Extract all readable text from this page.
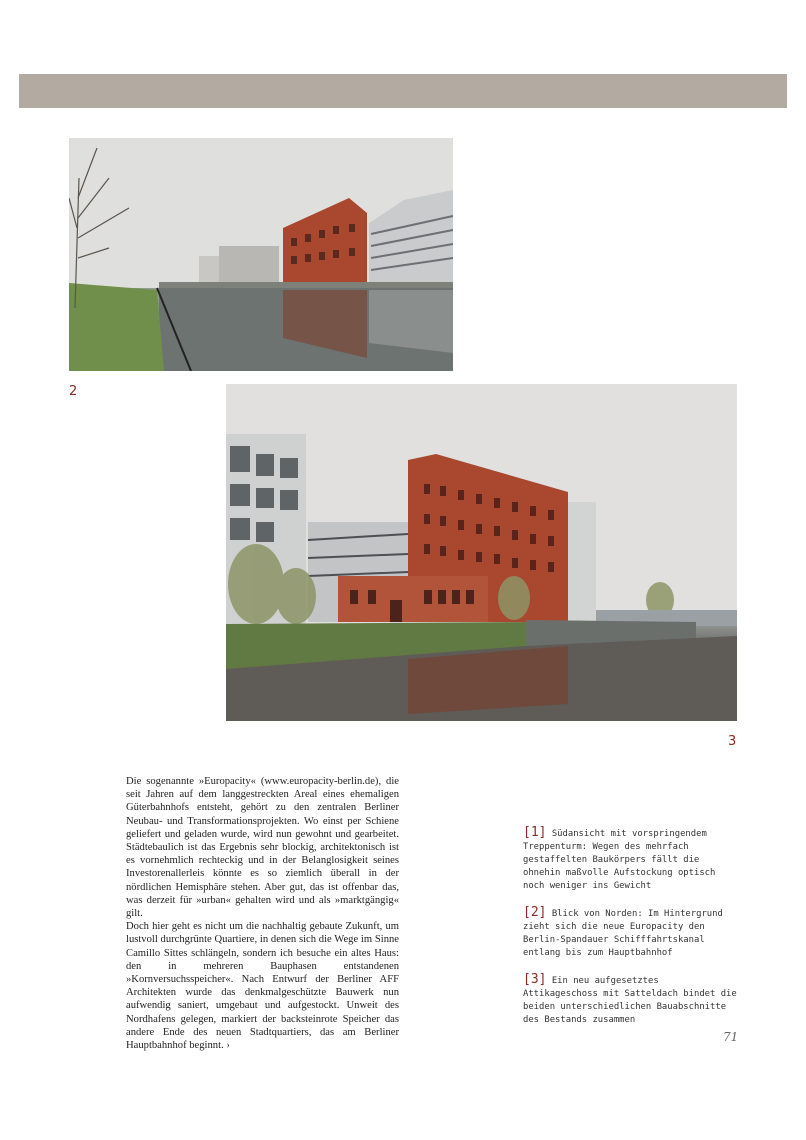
2
3

Die sogenannte »Europacity« (www.europacity-berlin.de), die seit Jahren auf dem langgestreckten Areal eines ehemaligen Güterbahnhofs entsteht, gehört zu den zentralen Berliner Neubau- und Transformationsprojekten. Wo einst per Schiene geliefert und geladen wurde, wird nun gewohnt und gearbeitet. Städtebaulich ist das Ergebnis sehr blockig, architektonisch ist es vornehmlich rechteckig und in der Belanglosigkeit seines Investorenallerleis könnte es so ziemlich überall in der nördlichen Hemisphäre stehen. Aber gut, das ist offenbar das, was derzeit für »urban« gehalten wird und als »marktgängig« gilt.

Doch hier geht es nicht um die nachhaltig gebaute Zukunft, um lustvoll durchgrünte Quartiere, in denen sich die Wege im Sinne Camillo Sittes schlängeln, sondern ich besuche ein altes Haus: den in mehreren Bauphasen entstandenen »Kornversuchsspeicher«. Nach Entwurf der Berliner AFF Architekten wurde das denkmalgeschützte Bauwerk nun aufwendig saniert, umgebaut und aufgestockt. Unweit des Nordhafens gelegen, markiert der backsteinrote Speicher das andere Ende des neuen Stadtquartiers, das am Berliner Hauptbahnhof beginnt. ›

[1] Südansicht mit vorspringendem Treppenturm: Wegen des mehrfach gestaffelten Baukörpers fällt die ohnehin maßvolle Aufstockung optisch noch weniger ins Gewicht
[2] Blick von Norden: Im Hintergrund zieht sich die neue Europacity den Berlin-Spandauer Schifffahrtskanal entlang bis zum Hauptbahnhof
[3] Ein neu aufgesetztes Attikageschoss mit Satteldach bindet die beiden unterschiedlichen Bauabschnitte des Bestands zusammen
71
